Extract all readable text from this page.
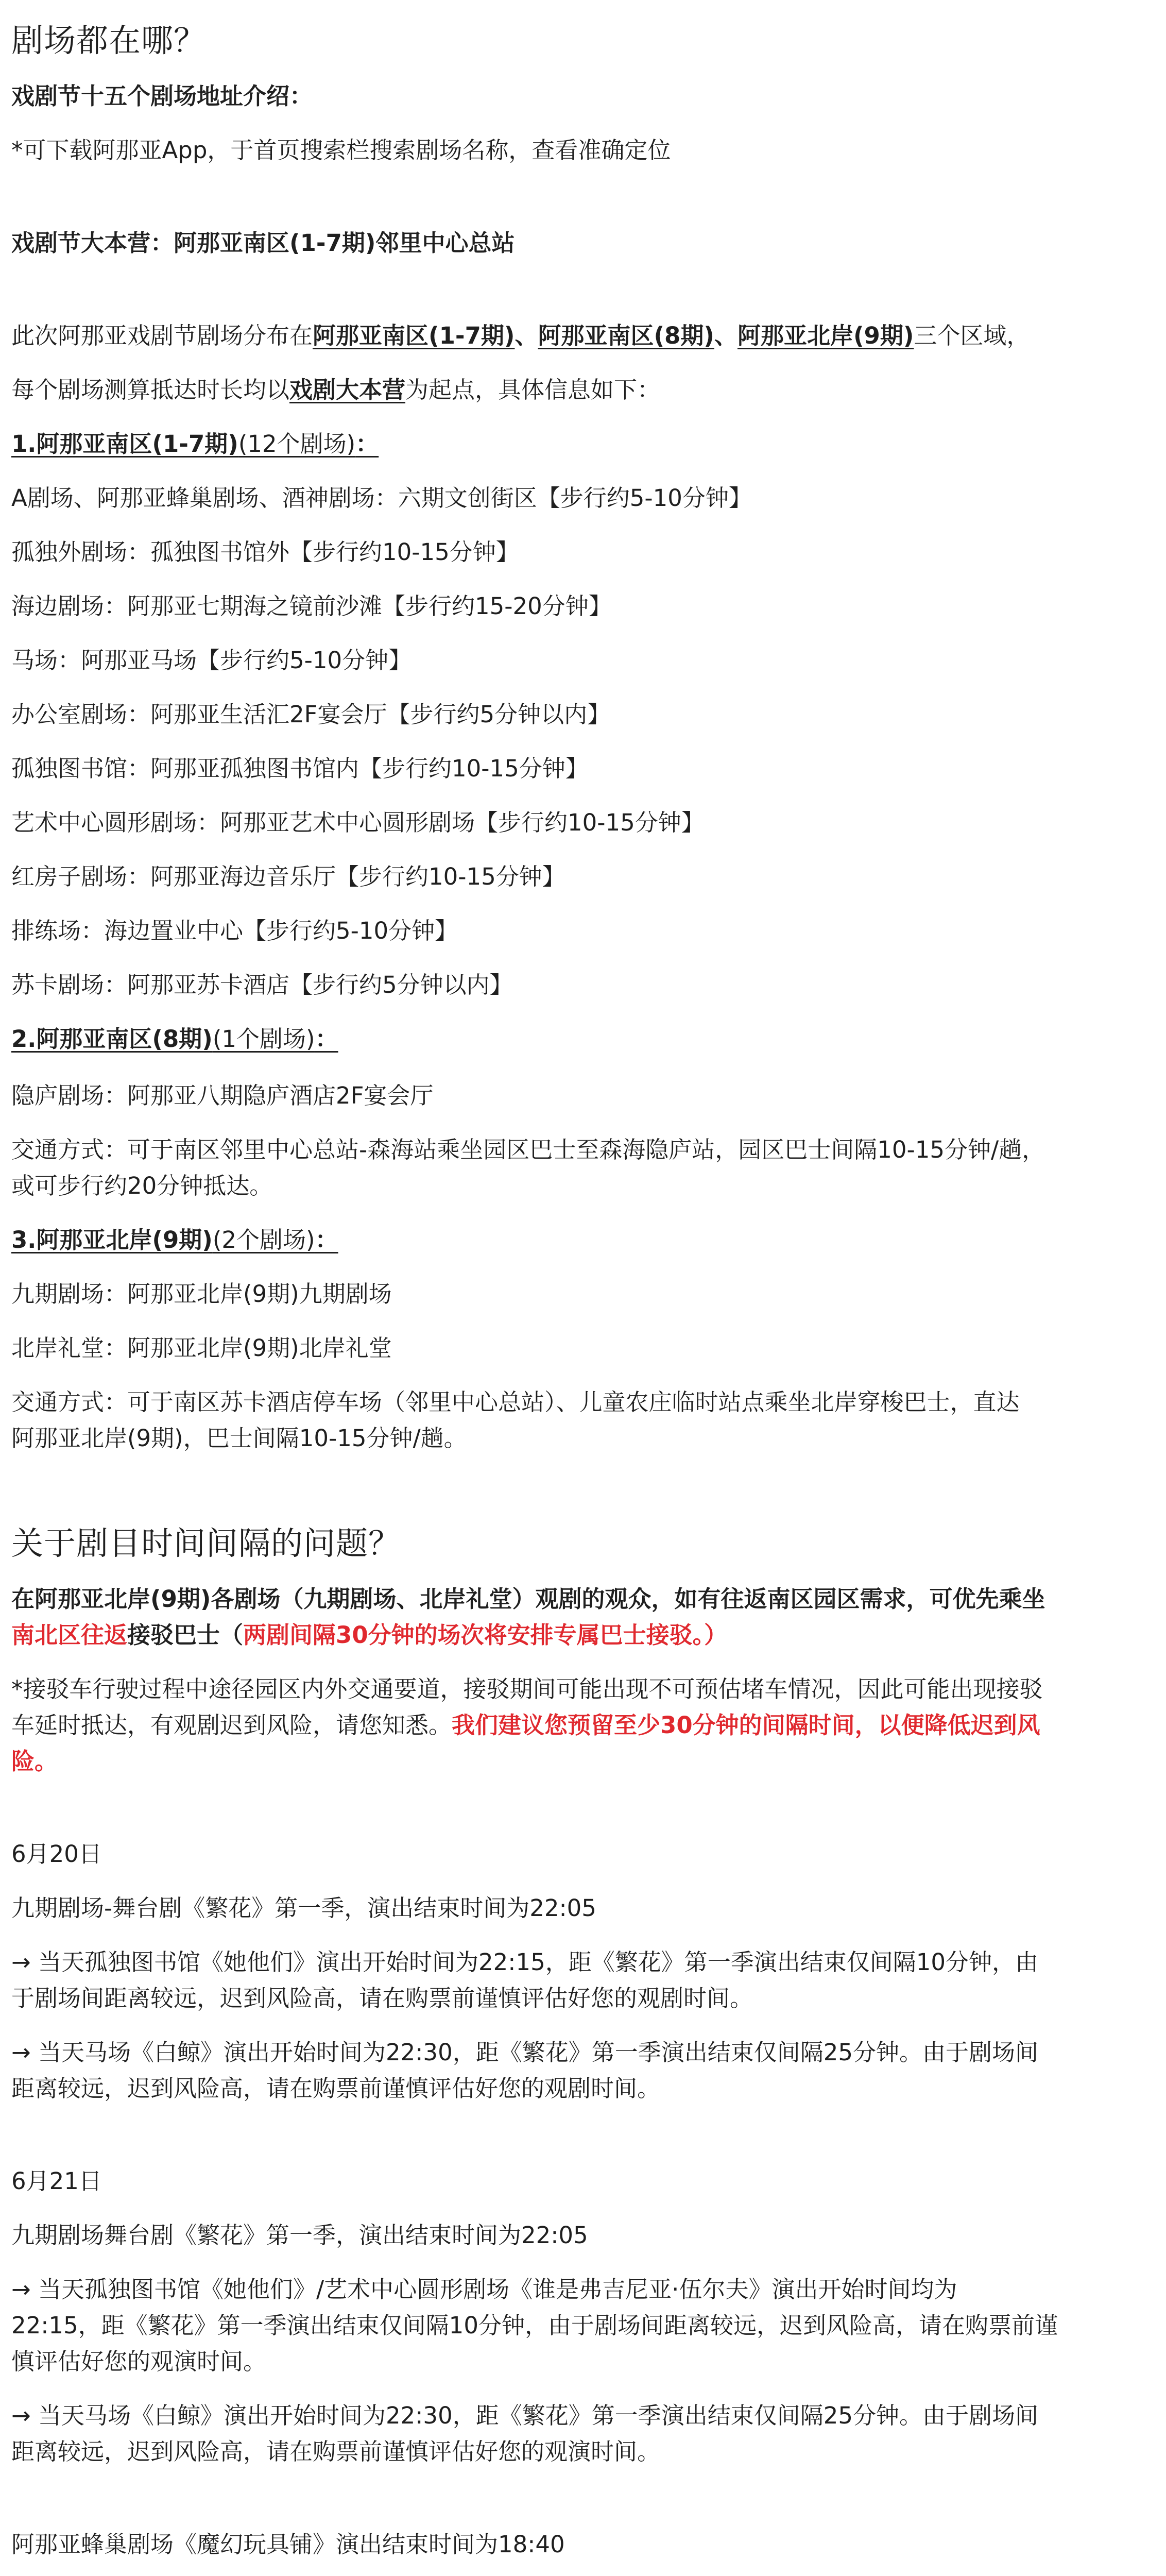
剧场都在哪？

戏剧节十五个剧场地址介绍：

*可下载阿那亚App，于首页搜索栏搜索剧场名称，查看准确定位

戏剧节大本营：阿那亚南区(1-7期)邻里中心总站

此次阿那亚戏剧节剧场分布在阿那亚南区(1-7期)、阿那亚南区(8期)、阿那亚北岸(9期)三个区域，

每个剧场测算抵达时长均以戏剧大本营为起点，具体信息如下：

1.阿那亚南区(1-7期)(12个剧场)：

A剧场、阿那亚蜂巢剧场、酒神剧场：六期文创街区【步行约5-10分钟】

孤独外剧场：孤独图书馆外【步行约10-15分钟】

海边剧场：阿那亚七期海之镜前沙滩【步行约15-20分钟】

马场：阿那亚马场【步行约5-10分钟】

办公室剧场：阿那亚生活汇2F宴会厅【步行约5分钟以内】

孤独图书馆：阿那亚孤独图书馆内【步行约10-15分钟】

艺术中心圆形剧场：阿那亚艺术中心圆形剧场【步行约10-15分钟】

红房子剧场：阿那亚海边音乐厅【步行约10-15分钟】

排练场：海边置业中心【步行约5-10分钟】

苏卡剧场：阿那亚苏卡酒店【步行约5分钟以内】

2.阿那亚南区(8期)(1个剧场)：

隐庐剧场：阿那亚八期隐庐酒店2F宴会厅

交通方式：可于南区邻里中心总站-森海站乘坐园区巴士至森海隐庐站，园区巴士间隔10-15分钟/趟，

或可步行约20分钟抵达。

3.阿那亚北岸(9期)(2个剧场)：

九期剧场：阿那亚北岸(9期)九期剧场

北岸礼堂：阿那亚北岸(9期)北岸礼堂

交通方式：可于南区苏卡酒店停车场（邻里中心总站）、儿童农庄临时站点乘坐北岸穿梭巴士，直达

阿那亚北岸(9期)，巴士间隔10-15分钟/趟。

关于剧目时间间隔的问题？

在阿那亚北岸(9期)各剧场（九期剧场、北岸礼堂）观剧的观众，如有往返南区园区需求，可优先乘坐

南北区往返接驳巴士（两剧间隔30分钟的场次将安排专属巴士接驳。）

*接驳车行驶过程中途径园区内外交通要道，接驳期间可能出现不可预估堵车情况，因此可能出现接驳

车延时抵达，有观剧迟到风险，请您知悉。我们建议您预留至少30分钟的间隔时间，以便降低迟到风

险。

6月20日

九期剧场-舞台剧《繁花》第一季，演出结束时间为22:05

→ 当天孤独图书馆《她他们》演出开始时间为22:15，距《繁花》第一季演出结束仅间隔10分钟，由

于剧场间距离较远，迟到风险高，请在购票前谨慎评估好您的观剧时间。

→ 当天马场《白鲸》演出开始时间为22:30，距《繁花》第一季演出结束仅间隔25分钟。由于剧场间

距离较远，迟到风险高，请在购票前谨慎评估好您的观剧时间。

6月21日

九期剧场舞台剧《繁花》第一季，演出结束时间为22:05

→ 当天孤独图书馆《她他们》/艺术中心圆形剧场《谁是弗吉尼亚·伍尔夫》演出开始时间均为

22:15，距《繁花》第一季演出结束仅间隔10分钟，由于剧场间距离较远，迟到风险高，请在购票前谨

慎评估好您的观演时间。

→ 当天马场《白鲸》演出开始时间为22:30，距《繁花》第一季演出结束仅间隔25分钟。由于剧场间

距离较远，迟到风险高，请在购票前谨慎评估好您的观演时间。

阿那亚蜂巢剧场《魔幻玩具铺》演出结束时间为18:40
